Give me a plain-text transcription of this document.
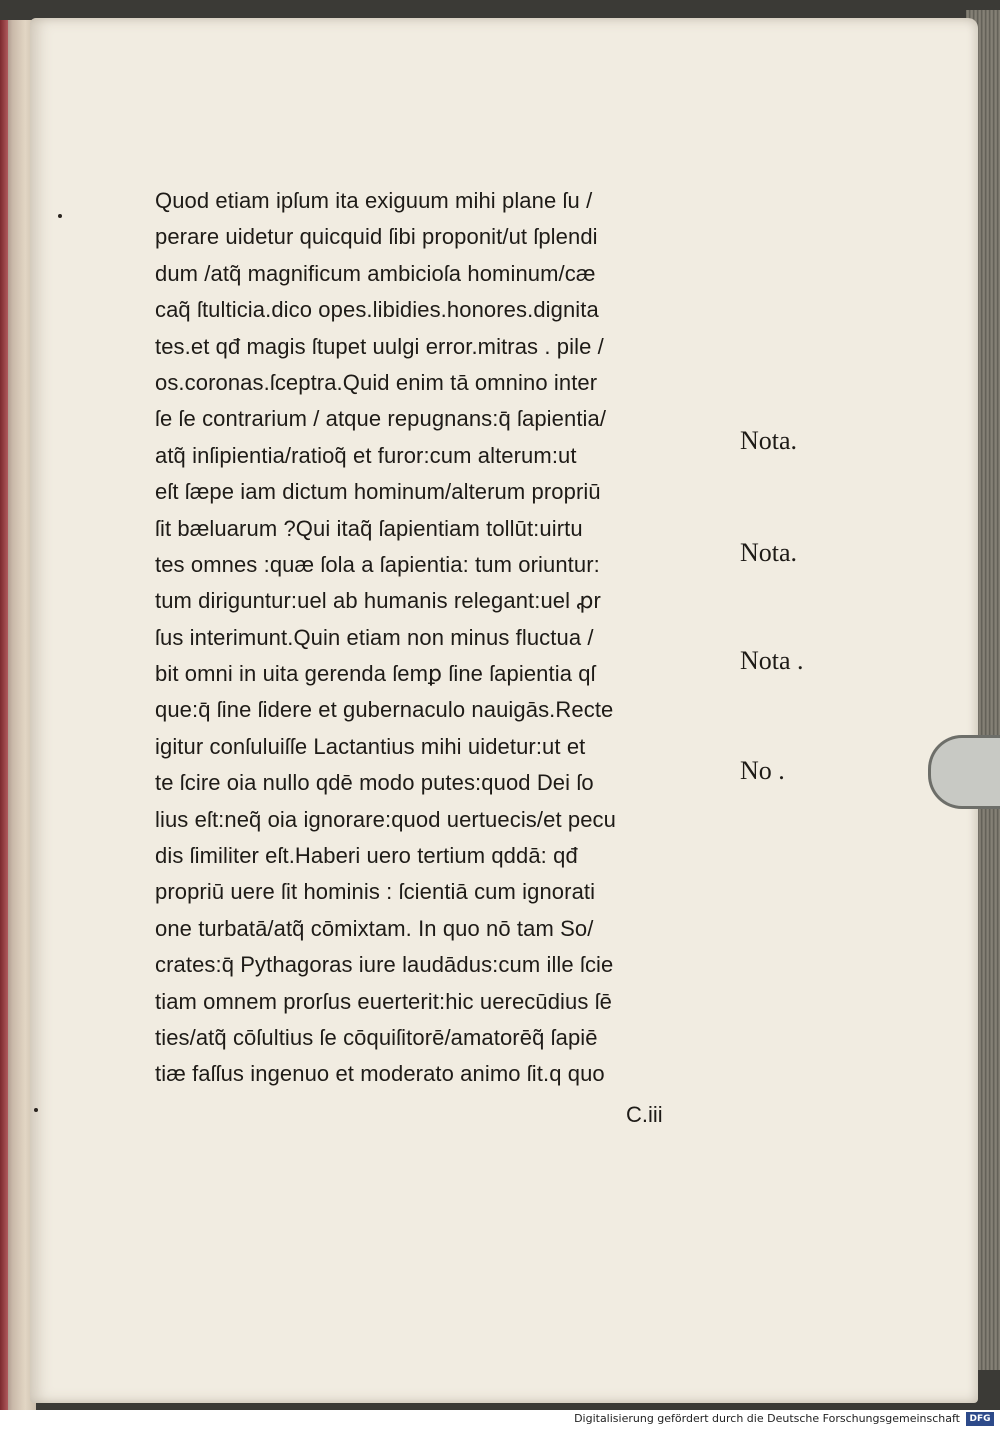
Quod etiam ipſum ita exiguum mihi plane ſu /
perare uidetur quicquid ſibi proponit/ut ſplendi
dum /atq̃ magnificum ambicioſa hominum/cæ
caq̃ ſtulticia.dico opes.libidies.honores.dignita
tes.et qđ magis ſtupet uulgi error.mitras . pile /
os.coronas.ſceptra.Quid enim tā omnino inter
ſe ſe contrarium / atque repugnans:q̄ ſapientia/
atq̃ inſipientia/ratioq̃ et furor:cum alterum:ut
eſt ſæpe iam dictum hominum/alterum propriū
ſit bæluarum ?Qui itaq̃ ſapientiam tollūt:uirtu
tes omnes :quæ ſola a ſapientia: tum oriuntur:
tum diriguntur:uel ab humanis relegant:uel ꝓr
ſus interimunt.Quin etiam non minus fluctua /
bit omni in uita gerenda ſemꝑ ſine ſapientia qſ
que:q̄ ſine ſidere et gubernaculo nauigās.Recte
igitur conſuluiſſe Lactantius mihi uidetur:ut et
te ſcire oia nullo qdē modo putes:quod Dei ſo
lius eſt:neq̃ oia ignorare:quod uertuecis/et pecu
dis ſimiliter eſt.Haberi uero tertium qddā: qđ
propriū uere ſit hominis : ſcientiā cum ignorati
one turbatā/atq̃ cōmixtam. In quo nō tam So/
crates:q̄ Pythagoras iure laudādus:cum ille ſcie
tiam omnem prorſus euerterit:hic uerecūdius ſē
ties/atq̃ cōſultius ſe cōquiſitorē/amatorēq̃ ſapiē
tiæ faſſus ingenuo et moderato animo ſit.q quo
C.iii
Nota.
Nota.
Nota .
No .
Digitalisierung gefördert durch die Deutsche Forschungsgemeinschaft	DFG
